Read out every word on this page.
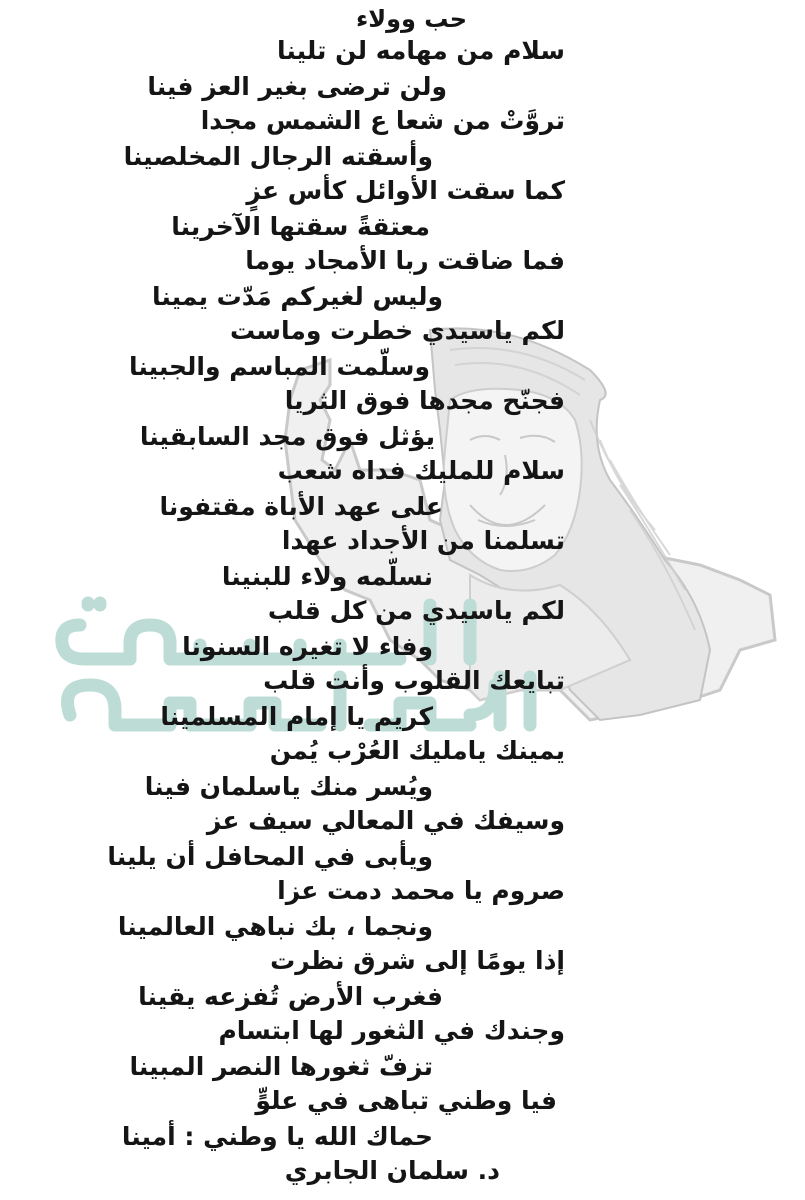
حب وولاء
سلام من مهامه لن تلينا
ولن ترضى بغير العز فينا
تروَّتْ من شعا ع الشمس مجدا
وأسقته الرجال المخلصينا
كما سقت الأوائل كأس عزٍ
معتقةً سقتها الآخرينا
فما ضاقت ربا الأمجاد يوما
وليس لغيركم مَدّت يمينا
لكم ياسيدي خطرت وماست
وسلّمت المباسم والجبينا
فجنّح مجدها فوق الثريا
يؤثل فوق مجد السابقينا
سلام للمليك فداه شعب
على عهد الأباة مقتفونا
تسلمنا من الأجداد عهدا
نسلّمه ولاء للبنينا
لكم ياسيدي من كل قلب
وفاء لا تغيره السنونا
تبايعك القلوب وأنت قلب
كريم يا إمام المسلمينا
يمينك يامليك العُرْب يُمن
ويُسر منك ياسلمان فينا
وسيفك في المعالي سيف عز
ويأبى في المحافل أن يلينا
صروم يا محمد دمت عزا
ونجما ، بك نباهي العالمينا
إذا يومًا إلى شرق نظرت
فغرب الأرض تُفزعه يقينا
وجندك في الثغور لها ابتسام
تزفّ ثغورها النصر المبينا
فيا وطني تباهى في علوٍّ
حماك الله يا وطني : أمينا
د. سلمان الجابري
